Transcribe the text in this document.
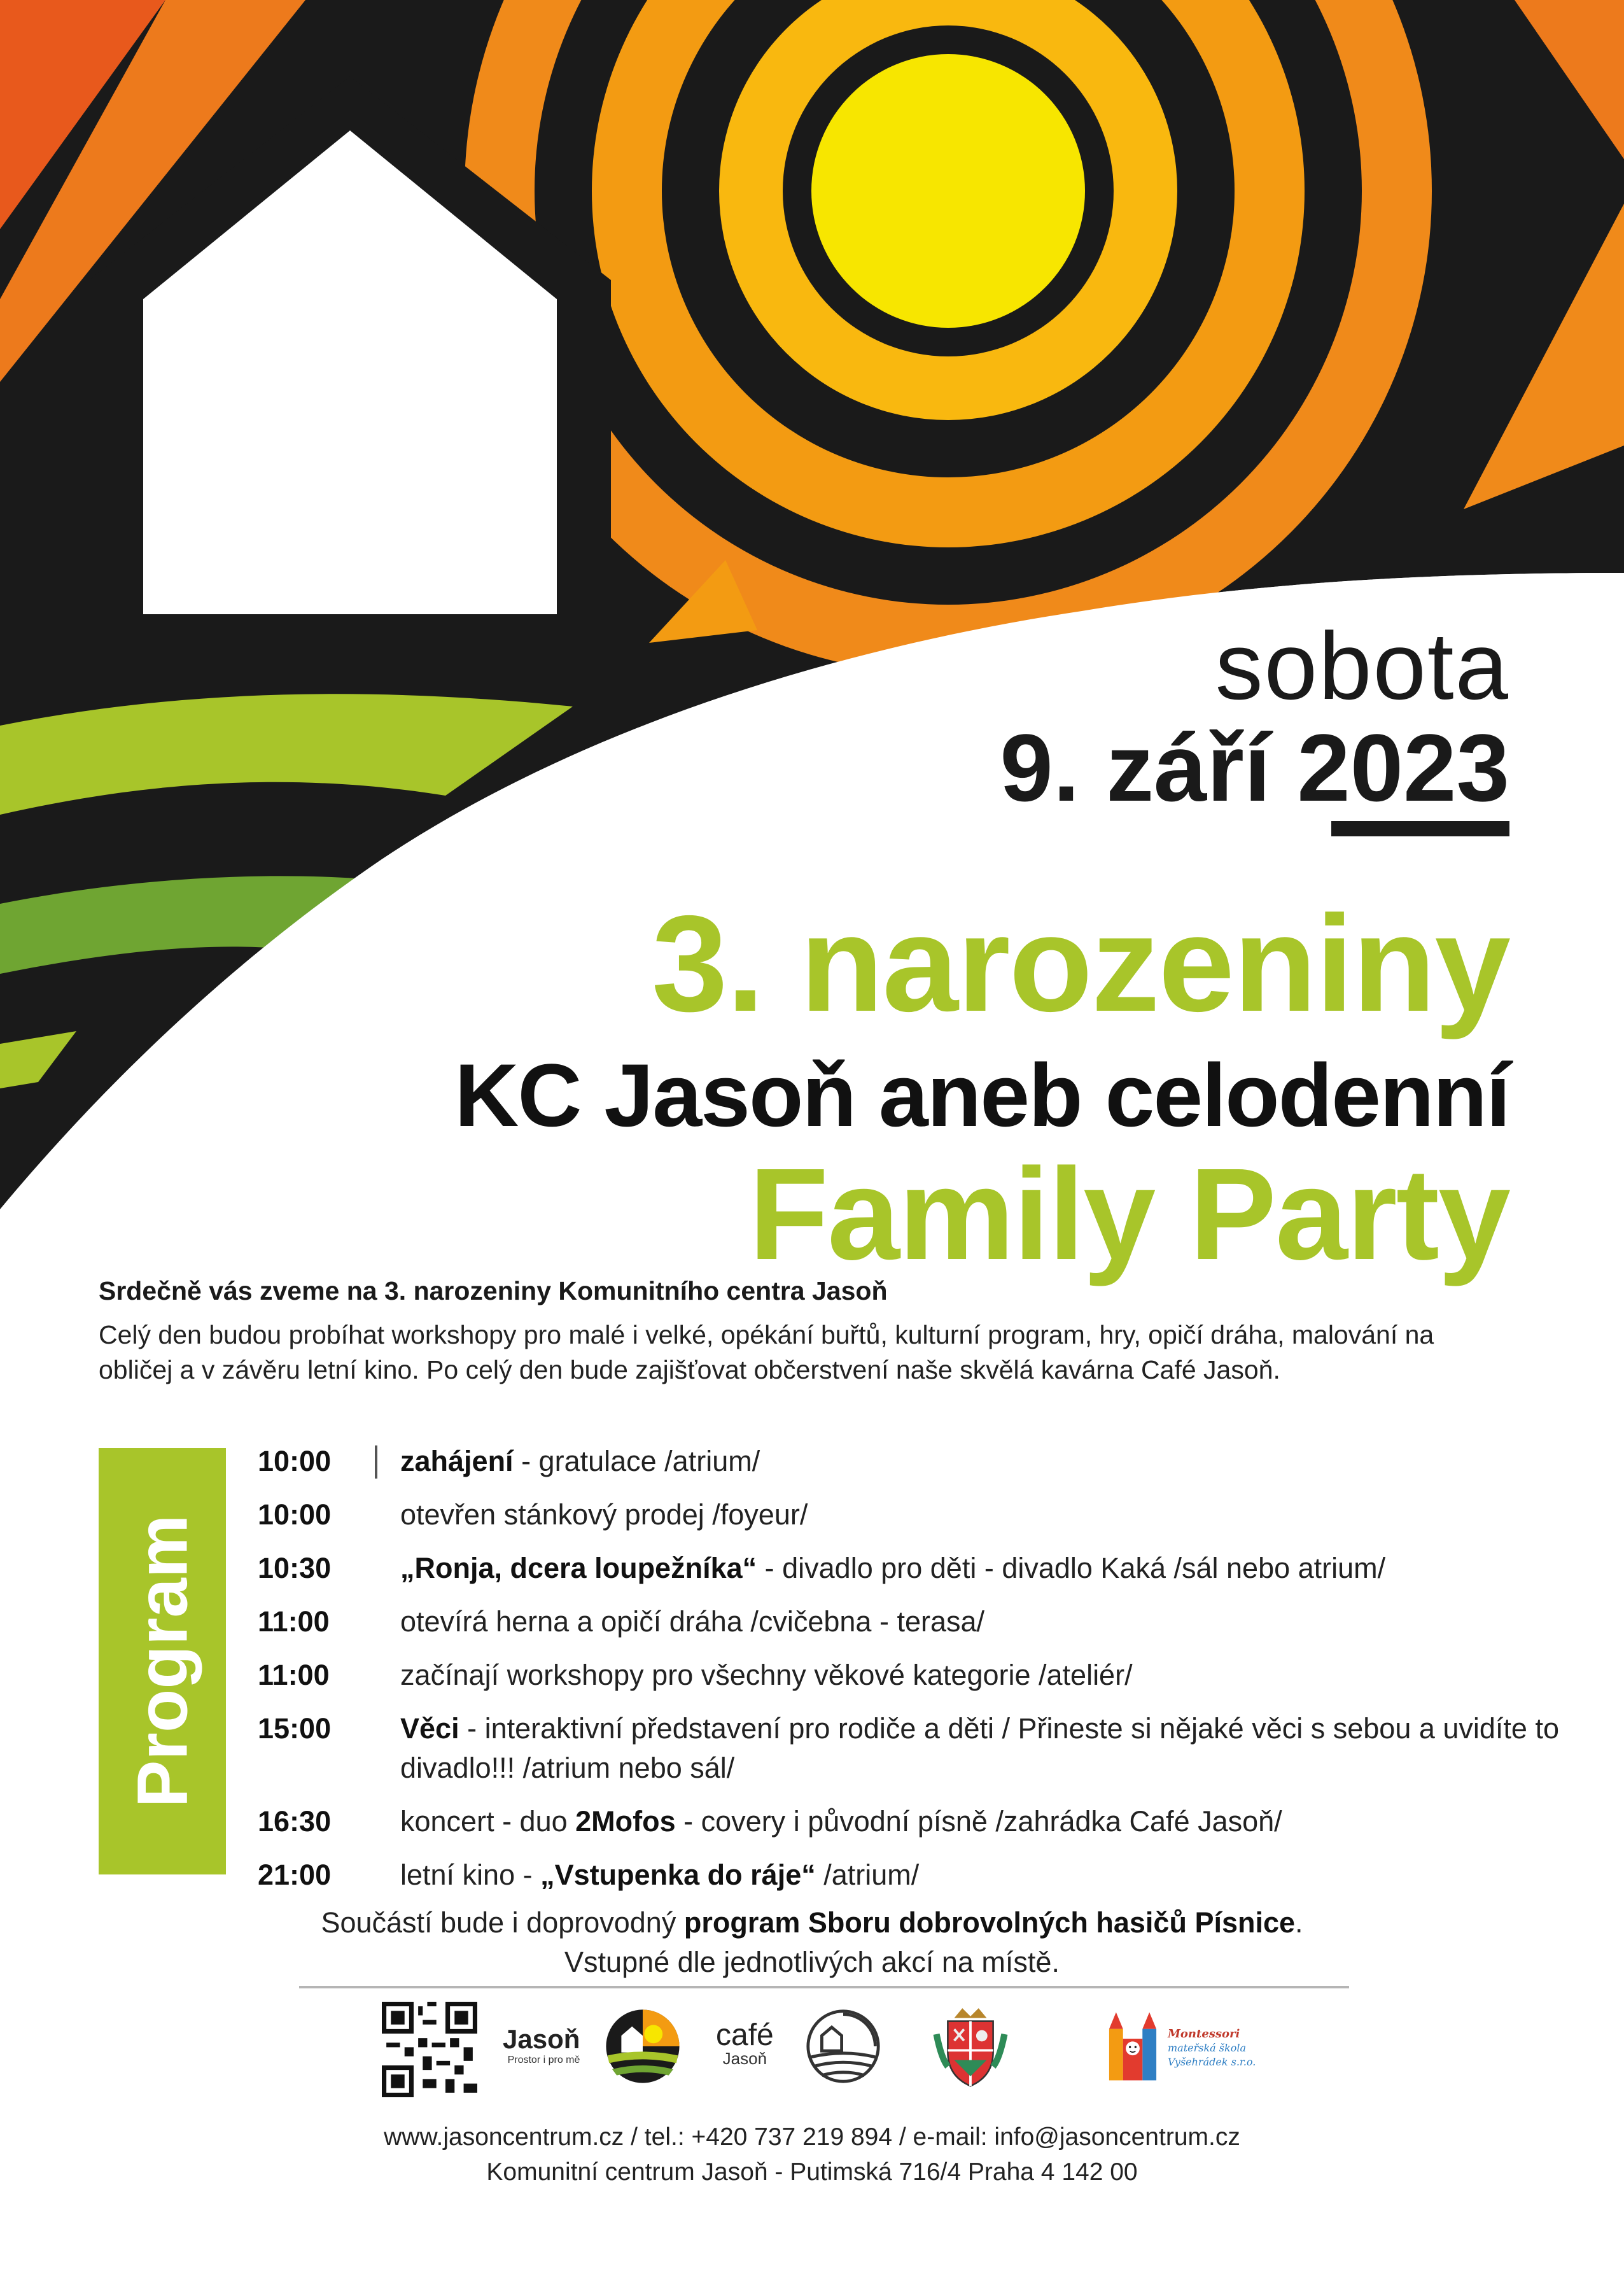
sobota
9. září 2023
3. narozeniny
KC Jasoň aneb celodenní
Family Party
Srdečně vás zveme na 3. narozeniny Komunitního centra Jasoň
Celý den budou probíhat workshopy pro malé i velké, opékání buřtů, kulturní program, hry, opičí dráha, malování na obličej a v závěru letní kino. Po celý den bude zajišťovat občerstvení naše skvělá kavárna Café Jasoň.
Program
10:00	zahájení - gratulace /atrium/
10:00	otevřen stánkový prodej /foyeur/
10:30	„Ronja, dcera loupežníka“ - divadlo pro děti - divadlo Kaká /sál nebo atrium/
11:00	otevírá herna a opičí dráha /cvičebna - terasa/
11:00	začínají workshopy pro všechny věkové kategorie /ateliér/
15:00	Věci - interaktivní představení pro rodiče a děti / Přineste si nějaké věci s sebou a uvidíte to divadlo!!! /atrium nebo sál/
16:30	koncert - duo 2Mofos - covery i původní písně /zahrádka Café Jasoň/
21:00	letní kino - „Vstupenka do ráje“ /atrium/
Součástí bude i doprovodný program Sboru dobrovolných hasičů Písnice.
Vstupné dle jednotlivých akcí na místě.
Jasoň
Prostor i pro mě
café
Jasoň
Montessori
mateřská škola
Vyšehrádek s.r.o.
www.jasoncentrum.cz / tel.: +420 737 219 894 / e-mail: info@jasoncentrum.cz
Komunitní centrum Jasoň - Putimská 716/4 Praha 4 142 00
